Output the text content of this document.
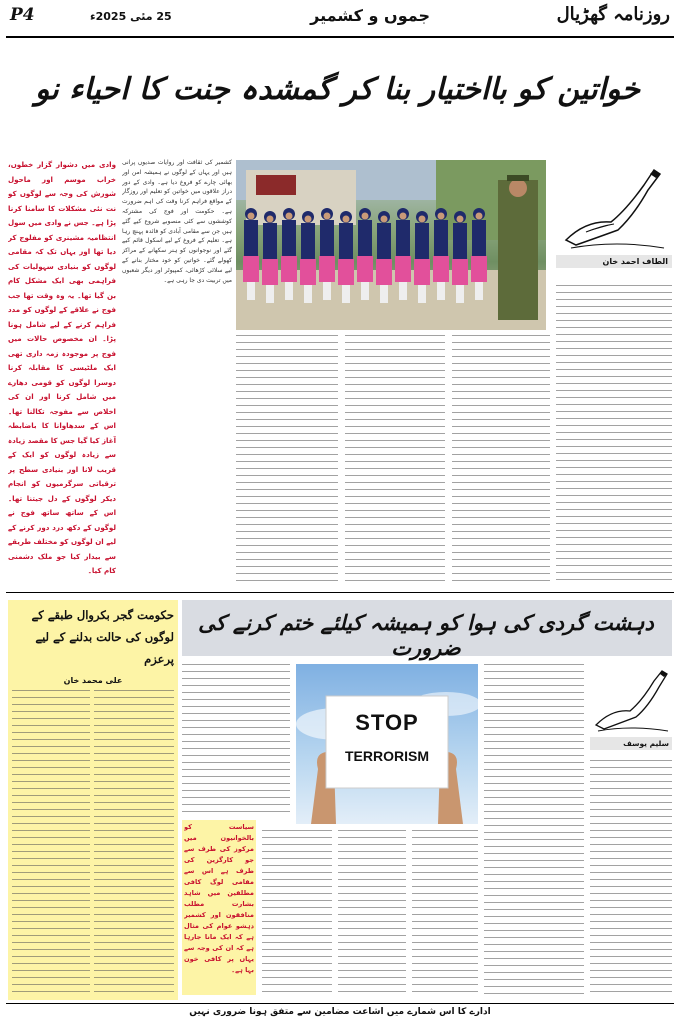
P4	25 مئی 2025ء	جموں و کشمیر	روزنامہ گھڑیال
خواتین کو بااختیار بنا کر گمشدہ جنت کا احیاء نو
وادی میں دشوار گزار خطوں، خراب موسم اور ماحول شورش کی وجہ سے لوگوں کو نت نئی مشکلات کا سامنا کرنا پڑا ہے۔ جس نے وادی میں سول انتظامیہ مشینری کو مفلوج کر دیا تھا اور یہاں تک کہ مقامی لوگوں کو بنیادی سہولیات کی فراہمی بھی ایک مشکل کام بن گیا تھا۔ یہ وہ وقت تھا جب فوج نے علاقے کے لوگوں کو مدد فراہم کرنے کے لیے شامل ہونا پڑا۔ ان مخصوص حالات میں فوج پر موجودہ زمہ داری تھی ایک ملٹیسی کا مقابلہ کرنا دوسرا لوگوں کو قومی دھارے میں شامل کرنا اور ان کی اخلاص سے مفوجہ تکالنا تھا۔ اس کے سدھاوانا کا باضابطہ آغاز کیا گیا جس کا مقصد زیادہ سے زیادہ لوگوں کو ایک کے قریب لانا اور بنیادی سطح پر ترقیاتی سرگرمیوں کو انجام دیکر لوگوں کے دل جیتنا تھا۔ اس کے ساتھ ساتھ فوج نے لوگوں کے دکھ درد دور کرنے کے لیے ان لوگوں کو مختلف طریقے سے بیدار کیا جو ملک دشمنی کام کیا۔
کشمیر کی ثقافت اور روایات صدیوں پرانی ہیں اور یہاں کے لوگوں نے ہمیشہ امن اور بھائی چارے کو فروغ دیا ہے۔ وادی کے دور دراز علاقوں میں خواتین کو تعلیم اور روزگار کے مواقع فراہم کرنا وقت کی اہم ضرورت ہے۔ حکومت اور فوج کی مشترکہ کوششوں سے کئی منصوبے شروع کیے گئے ہیں جن سے مقامی آبادی کو فائدہ پہنچ رہا ہے۔ تعلیم کے فروغ کے لیے اسکول قائم کیے گئے اور نوجوانوں کو ہنر سکھانے کے مراکز کھولے گئے۔ خواتین کو خود مختار بنانے کے لیے سلائی کڑھائی، کمپیوٹر اور دیگر شعبوں میں تربیت دی جا رہی ہے۔
الطاف احمد خان
حکومت گجر بکروال طبقے کے لوگوں کی حالت بدلنے کے لیے پرعزم
علی محمد خان
دہشت گردی کی ہوا کو ہمیشہ کیلئے ختم کرنے کی ضرورت
STOP
TERRORISM
سلیم یوسف
سیاست کو بالخوانیون میں مرکوز کی طرف سے جو کارگزین کی طرف ہے اس سے مقامی لوگ کافی مطلقین میں شاہد بشارت مطلب منافقون اور کشمیر دہشو عوام کی مثال ہے کہ ایک مانا جارہا ہے کہ ان کی وجہ سے یہاں پر کافی خون بہا ہے۔
ادارے کا اس شمارے میں اشاعت مضامین سے متفق ہونا ضروری نہیں
